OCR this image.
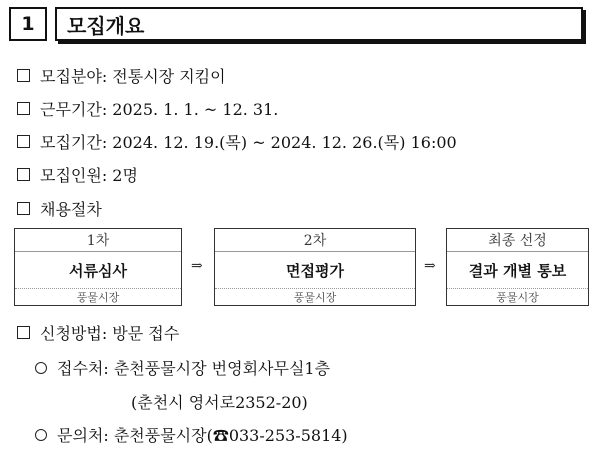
1	모집개요
모집분야: 전통시장 지킴이
근무기간: 2025. 1. 1. ~ 12. 31.
모집기간: 2024. 12. 19.(목) ~ 2024. 12. 26.(목) 16:00
모집인원: 2명
채용절차
1차
서류심사
풍물시장
⇒
2차
면접평가
풍물시장
⇒
최종 선정
결과 개별 통보
풍물시장
신청방법: 방문 접수
접수처: 춘천풍물시장 번영회사무실1층
(춘천시 영서로2352-20)
문의처: 춘천풍물시장(☎033-253-5814)
